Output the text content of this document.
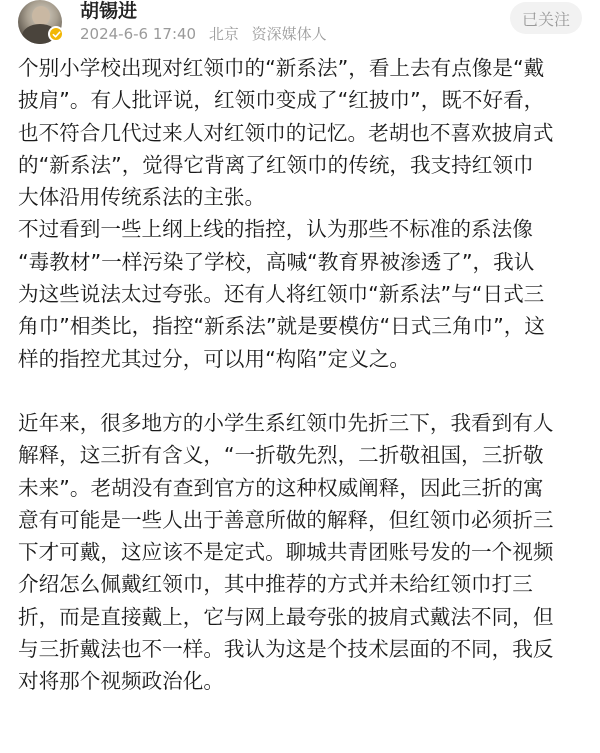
胡锡进
2024-6-6 17:40 北京 资深媒体人
已关注

个别小学校出现对红领巾的“新系法”，看上去有点像是“戴
披肩”。有人批评说，红领巾变成了“红披巾”，既不好看，
也不符合几代过来人对红领巾的记忆。老胡也不喜欢披肩式
的“新系法”，觉得它背离了红领巾的传统，我支持红领巾
大体沿用传统系法的主张。

不过看到一些上纲上线的指控，认为那些不标准的系法像
“毒教材”一样污染了学校，高喊“教育界被渗透了”，我认
为这些说法太过夸张。还有人将红领巾“新系法”与“日式三
角巾”相类比，指控“新系法”就是要模仿“日式三角巾”，这
样的指控尤其过分，可以用“构陷”定义之。

近年来，很多地方的小学生系红领巾先折三下，我看到有人
解释，这三折有含义，“一折敬先烈，二折敬祖国，三折敬
未来”。老胡没有查到官方的这种权威阐释，因此三折的寓
意有可能是一些人出于善意所做的解释，但红领巾必须折三
下才可戴，这应该不是定式。聊城共青团账号发的一个视频
介绍怎么佩戴红领巾，其中推荐的方式并未给红领巾打三
折，而是直接戴上，它与网上最夸张的披肩式戴法不同，但
与三折戴法也不一样。我认为这是个技术层面的不同，我反
对将那个视频政治化。
